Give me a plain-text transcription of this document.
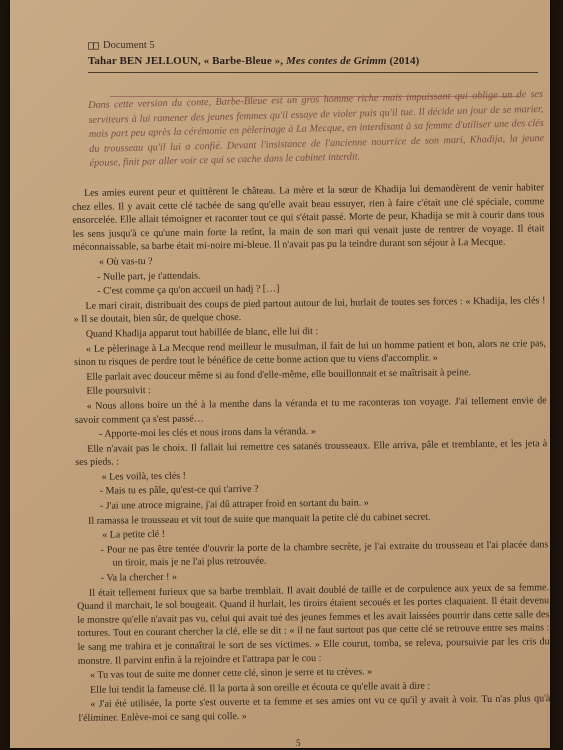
Document 5
Tahar BEN JELLOUN, « Barbe-Bleue », Mes contes de Grimm (2014)
Dans cette version du conte, Barbe-Bleue est un gros homme riche mais impuissant qui oblige un de ses serviteurs à lui ramener des jeunes femmes qu'il essaye de violer puis qu'il tue. Il décide un jour de se marier, mais part peu après la cérémonie en pèlerinage à La Mecque, en interdisant à sa femme d'utiliser une des clés du trousseau qu'il lui a confié. Devant l'insistance de l'ancienne nourrice de son mari, Khadija, la jeune épouse, finit par aller voir ce qui se cache dans le cabinet interdit.

Les amies eurent peur et quittèrent le château. La mère et la sœur de Khadija lui demandèrent de venir habiter chez elles. Il y avait cette clé tachée de sang qu'elle avait beau essuyer, rien à faire c'était une clé spéciale, comme ensorcelée. Elle allait témoigner et raconter tout ce qui s'était passé. Morte de peur, Khadija se mit à courir dans tous les sens jusqu'à ce qu'une main forte la retînt, la main de son mari qui venait juste de rentrer de voyage. Il était méconnaissable, sa barbe était mi-noire mi-bleue. Il n'avait pas pu la teindre durant son séjour à La Mecque.

« Où vas-tu ?

- Nulle part, je t'attendais.

- C'est comme ça qu'on accueil un hadj ? […]

Le mari cirait, distribuait des coups de pied partout autour de lui, hurlait de toutes ses forces : « Khadija, les clés ! » Il se doutait, bien sûr, de quelque chose.

Quand Khadija apparut tout habillée de blanc, elle lui dit :

« Le pèlerinage à La Mecque rend meilleur le musulman, il fait de lui un homme patient et bon, alors ne crie pas, sinon tu risques de perdre tout le bénéfice de cette bonne action que tu viens d'accomplir. »

Elle parlait avec douceur même si au fond d'elle-même, elle bouillonnait et se maîtrisait à peine.

Elle poursuivit :

« Nous allons boire un thé à la menthe dans la véranda et tu me raconteras ton voyage. J'ai tellement envie de savoir comment ça s'est passé…

- Apporte-moi les clés et nous irons dans la véranda. »

Elle n'avait pas le choix. Il fallait lui remettre ces satanés trousseaux. Elle arriva, pâle et tremblante, et les jeta à ses pieds. :

« Les voilà, tes clés !

- Mais tu es pâle, qu'est-ce qui t'arrive ?

- J'ai une atroce migraine, j'ai dû attraper froid en sortant du bain. »

Il ramassa le trousseau et vit tout de suite que manquait la petite clé du cabinet secret.

« La petite clé !

- Pour ne pas être tentée d'ouvrir la porte de la chambre secrète, je l'ai extraite du trousseau et l'ai placée dans un tiroir, mais je ne l'ai plus retrouvée.

- Va la chercher ! »

Il était tellement furieux que sa barbe tremblait. Il avait doublé de taille et de corpulence aux yeux de sa femme. Quand il marchait, le sol bougeait. Quand il hurlait, les tiroirs étaient secoués et les portes claquaient. Il était devenu le monstre qu'elle n'avait pas vu, celui qui avait tué des jeunes femmes et les avait laissées pourrir dans cette salle des tortures. Tout en courant chercher la clé, elle se dit : « il ne faut surtout pas que cette clé se retrouve entre ses mains : le sang me trahira et je connaîtrai le sort de ses victimes. » Elle courut, tomba, se releva, poursuivie par les cris du monstre. Il parvint enfin à la rejoindre et l'attrapa par le cou :

« Tu vas tout de suite me donner cette clé, sinon je serre et tu crèves. »

Elle lui tendit la fameuse clé. Il la porta à son oreille et écouta ce qu'elle avait à dire :

« J'ai été utilisée, la porte s'est ouverte et ta femme et ses amies ont vu ce qu'il y avait à voir. Tu n'as plus qu'à l'éliminer. Enlève-moi ce sang qui colle. »

5
